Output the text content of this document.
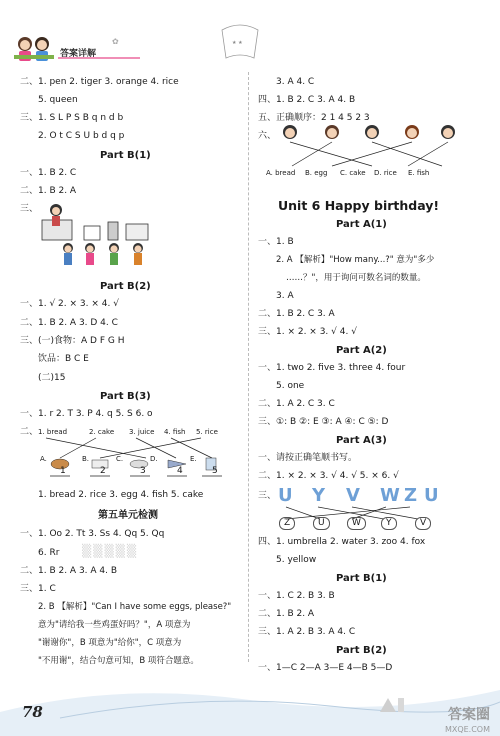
★ ★
✿
答案详解
二、1. pen 2. tiger 3. orange 4. rice
5. queen
三、1. S L P S B q n d b
2. O t C S U b d q p
Part B(1)
一、1. B 2. C
二、1. B 2. A
三、
Part B(2)
一、1. √ 2. × 3. × 4. √
二、1. B 2. A 3. D 4. C
三、(一)食物：A D F G H
饮品：B C E
(二)15
Part B(3)
一、1. r 2. T 3. P 4. q 5. S 6. o
二、 1. bread	2. cake 3. juice 4. fish 5. rice
A.	B.	C.	D.	E.
1	2	3	4	5
1. bread 2. rice 3. egg 4. fish 5. cake
第五单元检测
一、1. Oo 2. Tt 3. Ss 4. Qq 5. Qq
6. Rr ▒▒▒▒▒
二、1. B 2. A 3. A 4. B
三、1. C
2. B 【解析】"Can I have some eggs, please?"
意为"请给我一些鸡蛋好吗？"，A 项意为
"谢谢你"，B 项意为"给你"，C 项意为
"不用谢"，结合句意可知，B 项符合题意。
3. A 4. C
四、1. B 2. C 3. A 4. B
五、正确顺序：2 1 4 5 2 3
六、
A. bread B. egg C. cake D. rice E. fish
Unit 6 Happy birthday!
Part A(1)
一、1. B
2. A 【解析】"How many...?" 意为"多少
……？"，用于询问可数名词的数量。
3. A
二、1. B 2. C 3. A
三、1. × 2. × 3. √ 4. √
Part A(2)
一、1. two 2. five 3. three 4. four
5. one
二、1. A 2. C 3. C
三、①: B ②: E ③: A ④: C ⑤: D
Part A(3)
一、请按正确笔顺书写。
二、1. × 2. × 3. √ 4. √ 5. × 6. √
三、 U Y V W Z U
Z	U	W	Y	V
四、1. umbrella 2. water 3. zoo 4. fox
5. yellow
Part B(1)
一、1. C 2. B 3. B
二、1. B 2. A
三、1. A 2. B 3. A 4. C
Part B(2)
一、1—C 2—A 3—E 4—B 5—D
78	答案圈
MXQE.COM
